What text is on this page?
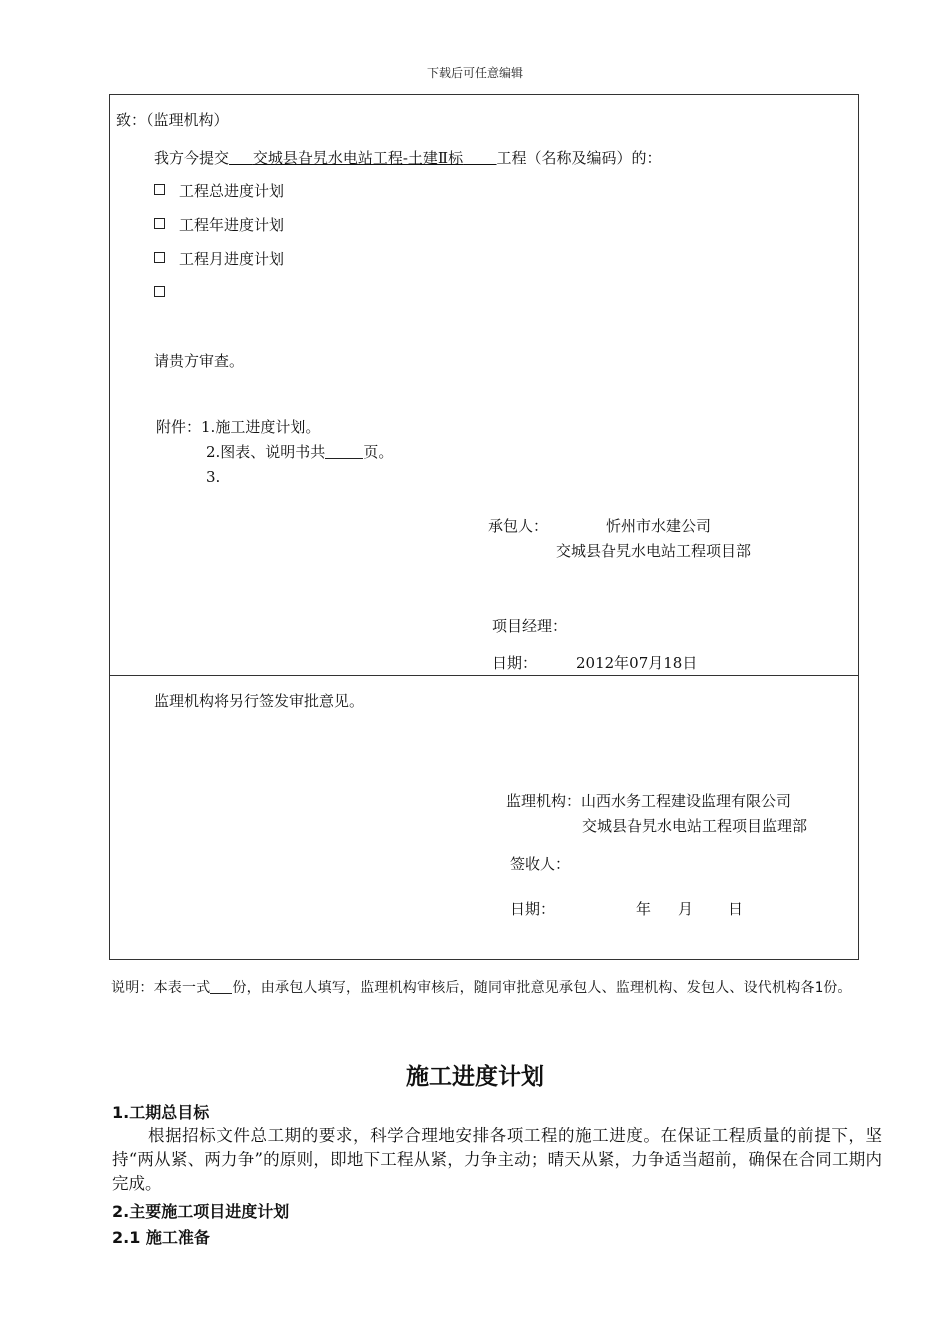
下载后可任意编辑
致：（监理机构）
我方今提交 交城县旮旯水电站工程-土建Ⅱ标 工程（名称及编码）的：
工程总进度计划
工程年进度计划
工程月进度计划
请贵方审查。
附件：1.施工进度计划。
2.图表、说明书共	页。
3.
承包人：	忻州市水建公司
交城县旮旯水电站工程项目部
项目经理：
日期：	2012年07月18日
监理机构将另行签发审批意见。
监理机构：山西水务工程建设监理有限公司
交城县旮旯水电站工程项目监理部
签收人：
日期：	年 月 日
说明：本表一式 份，由承包人填写，监理机构审核后，随同审批意见承包人、监理机构、发包人、设代机构各1份。
施工进度计划
1.工期总目标
根据招标文件总工期的要求，科学合理地安排各项工程的施工进度。在保证工程质量的前提下，坚持“两从紧、两力争”的原则，即地下工程从紧，力争主动；晴天从紧，力争适当超前，确保在合同工期内完成。
2.主要施工项目进度计划
2.1 施工准备
